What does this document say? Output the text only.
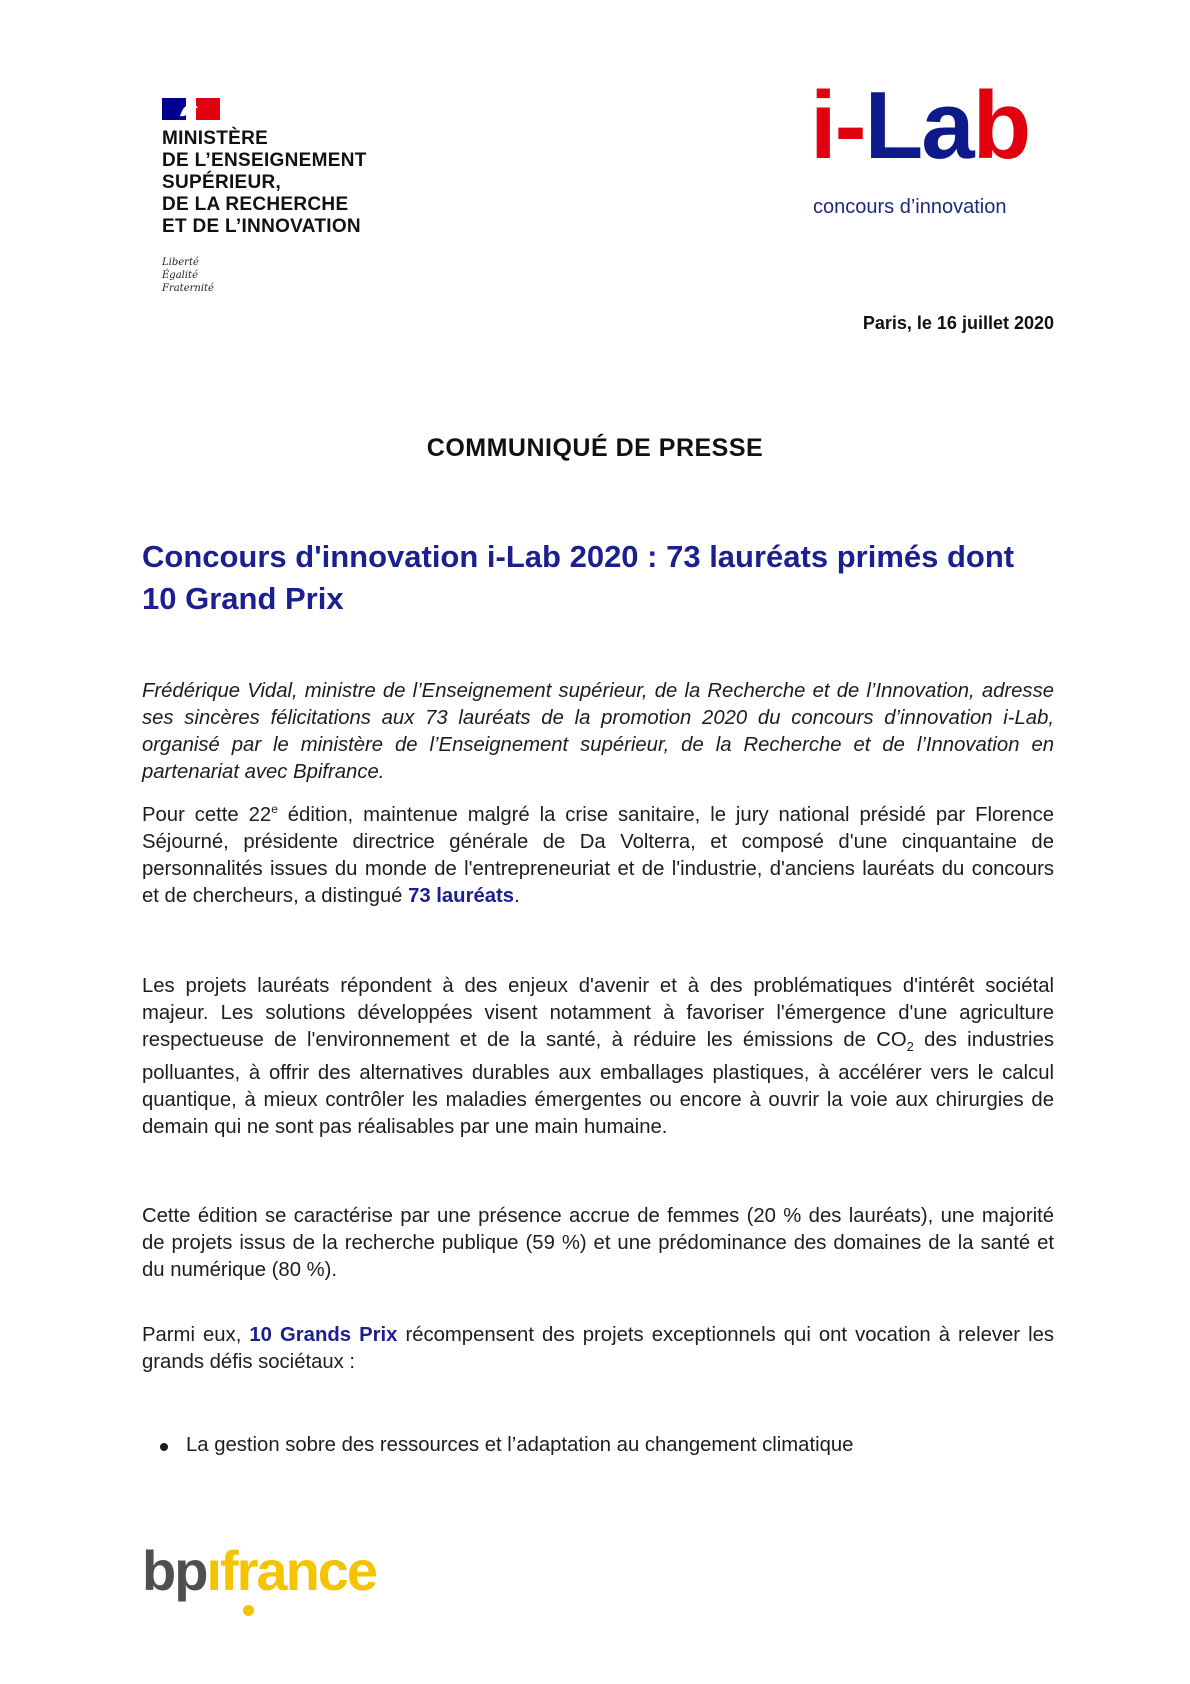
MINISTÈRE
DE L’ENSEIGNEMENT
SUPÉRIEUR,
DE LA RECHERCHE
ET DE L’INNOVATION
Liberté
Égalité
Fraternité
i-Lab
concours d’innovation
Paris, le 16 juillet 2020
COMMUNIQUÉ DE PRESSE
Concours d'innovation i-Lab 2020 : 73 lauréats primés dont 10 Grand Prix
Frédérique Vidal, ministre de l’Enseignement supérieur, de la Recherche et de l’Innovation, adresse ses sincères félicitations aux 73 lauréats de la promotion 2020 du concours d’innovation i-Lab, organisé par le ministère de l’Enseignement supérieur, de la Recherche et de l’Innovation en partenariat avec Bpifrance.
Pour cette 22e édition, maintenue malgré la crise sanitaire, le jury national présidé par Florence Séjourné, présidente directrice générale de Da Volterra, et composé d'une cinquantaine de personnalités issues du monde de l'entrepreneuriat et de l'industrie, d'anciens lauréats du concours et de chercheurs, a distingué 73 lauréats.
Les projets lauréats répondent à des enjeux d'avenir et à des problématiques d'intérêt sociétal majeur. Les solutions développées visent notamment à favoriser l'émergence d'une agriculture respectueuse de l'environnement et de la santé, à réduire les émissions de $CO_2$ des industries polluantes, à offrir des alternatives durables aux emballages plastiques, à accélérer vers le calcul quantique, à mieux contrôler les maladies émergentes ou encore à ouvrir la voie aux chirurgies de demain qui ne sont pas réalisables par une main humaine.
Cette édition se caractérise par une présence accrue de femmes (20 % des lauréats), une majorité de projets issus de la recherche publique (59 %) et une prédominance des domaines de la santé et du numérique (80 %).
Parmi eux, 10 Grands Prix récompensent des projets exceptionnels qui ont vocation à relever les grands défis sociétaux :
La gestion sobre des ressources et l’adaptation au changement climatique
bpıfrance
